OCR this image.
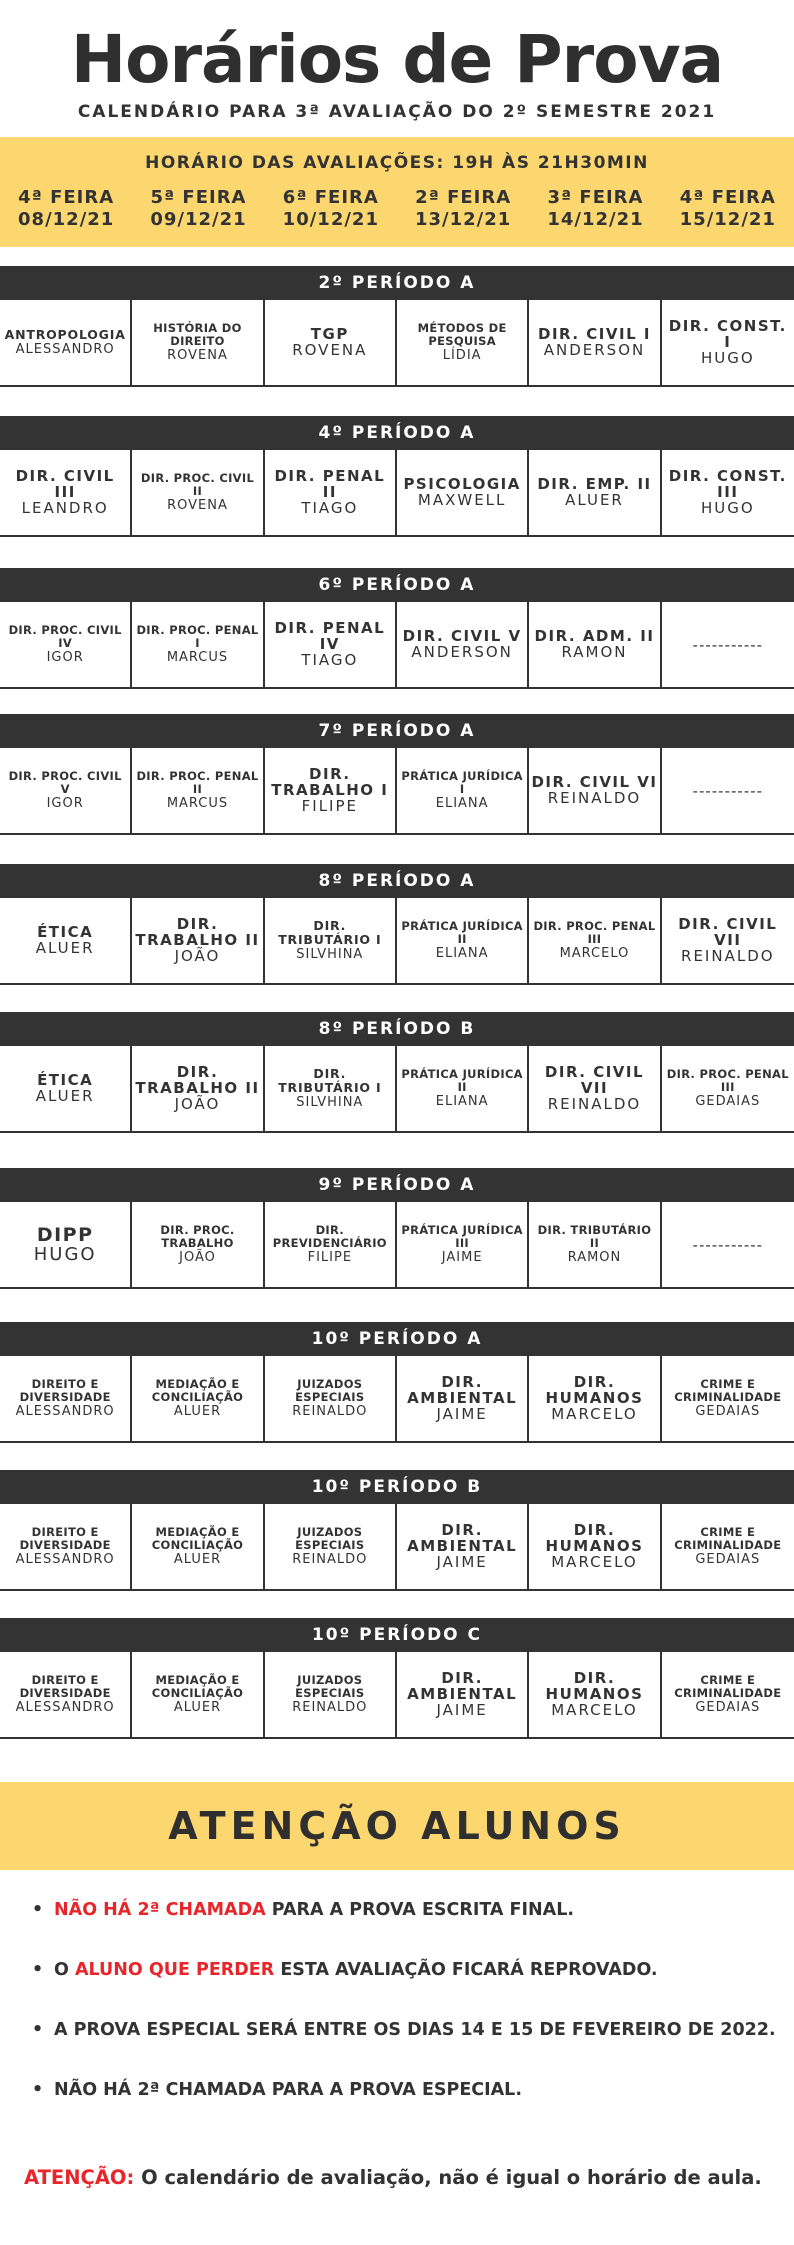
Horários de Prova
CALENDÁRIO PARA 3ª AVALIAÇÃO DO 2º SEMESTRE 2021
HORÁRIO DAS AVALIAÇÕES: 19H ÀS 21H30MIN
4ª FEIRA
08/12/21
5ª FEIRA
09/12/21
6ª FEIRA
10/12/21
2ª FEIRA
13/12/21
3ª FEIRA
14/12/21
4ª FEIRA
15/12/21
2º PERÍODO A
ANTROPOLOGIA
ALESSANDRO
HISTÓRIA DO DIREITO
ROVENA
TGP
ROVENA
MÉTODOS DE PESQUISA
LÍDIA
DIR. CIVIL I
ANDERSON
DIR. CONST. I
HUGO
4º PERÍODO A
DIR. CIVIL III
LEANDRO
DIR. PROC. CIVIL II
ROVENA
DIR. PENAL II
TIAGO
PSICOLOGIA
MAXWELL
DIR. EMP. II
ALUER
DIR. CONST. III
HUGO
6º PERÍODO A
DIR. PROC. CIVIL IV
IGOR
DIR. PROC. PENAL I
MARCUS
DIR. PENAL IV
TIAGO
DIR. CIVIL V
ANDERSON
DIR. ADM. II
RAMON	-----------
7º PERÍODO A
DIR. PROC. CIVIL V
IGOR
DIR. PROC. PENAL II
MARCUS
DIR. TRABALHO I
FILIPE
PRÁTICA JURÍDICA I
ELIANA
DIR. CIVIL VI
REINALDO	-----------
8º PERÍODO A
ÉTICA
ALUER
DIR. TRABALHO II
JOÃO
DIR. TRIBUTÁRIO I
SILVHINA
PRÁTICA JURÍDICA II
ELIANA
DIR. PROC. PENAL III
MARCELO
DIR. CIVIL VII
REINALDO
8º PERÍODO B
ÉTICA
ALUER
DIR. TRABALHO II
JOÃO
DIR. TRIBUTÁRIO I
SILVHINA
PRÁTICA JURÍDICA II
ELIANA
DIR. CIVIL VII
REINALDO
DIR. PROC. PENAL III
GEDAIAS
9º PERÍODO A
DIPP
HUGO
DIR. PROC. TRABALHO
JOÃO
DIR. PREVIDENCIÁRIO
FILIPE
PRÁTICA JURÍDICA III
JAIME
DIR. TRIBUTÁRIO II
RAMON
-----------
10º PERÍODO A
DIREITO E DIVERSIDADE
ALESSANDRO
MEDIAÇÃO E CONCILIAÇÃO
ALUER
JUIZADOS ESPECIAIS
REINALDO
DIR. AMBIENTAL
JAIME
DIR. HUMANOS
MARCELO
CRIME E CRIMINALIDADE
GEDAIAS
10º PERÍODO B
DIREITO E DIVERSIDADE
ALESSANDRO
MEDIAÇÃO E CONCILIAÇÃO
ALUER
JUIZADOS ESPECIAIS
REINALDO
DIR. AMBIENTAL
JAIME
DIR. HUMANOS
MARCELO
CRIME E CRIMINALIDADE
GEDAIAS
10º PERÍODO C
DIREITO E DIVERSIDADE
ALESSANDRO
MEDIAÇÃO E CONCILIAÇÃO
ALUER
JUIZADOS ESPECIAIS
REINALDO
DIR. AMBIENTAL
JAIME
DIR. HUMANOS
MARCELO
CRIME E CRIMINALIDADE
GEDAIAS
ATENÇÃO ALUNOS
• NÃO HÁ 2ª CHAMADA PARA A PROVA ESCRITA FINAL.
• O ALUNO QUE PERDER ESTA AVALIAÇÃO FICARÁ REPROVADO.
• A PROVA ESPECIAL SERÁ ENTRE OS DIAS 14 E 15 DE FEVEREIRO DE 2022.
• NÃO HÁ 2ª CHAMADA PARA A PROVA ESPECIAL.
ATENÇÃO: O calendário de avaliação, não é igual o horário de aula.
